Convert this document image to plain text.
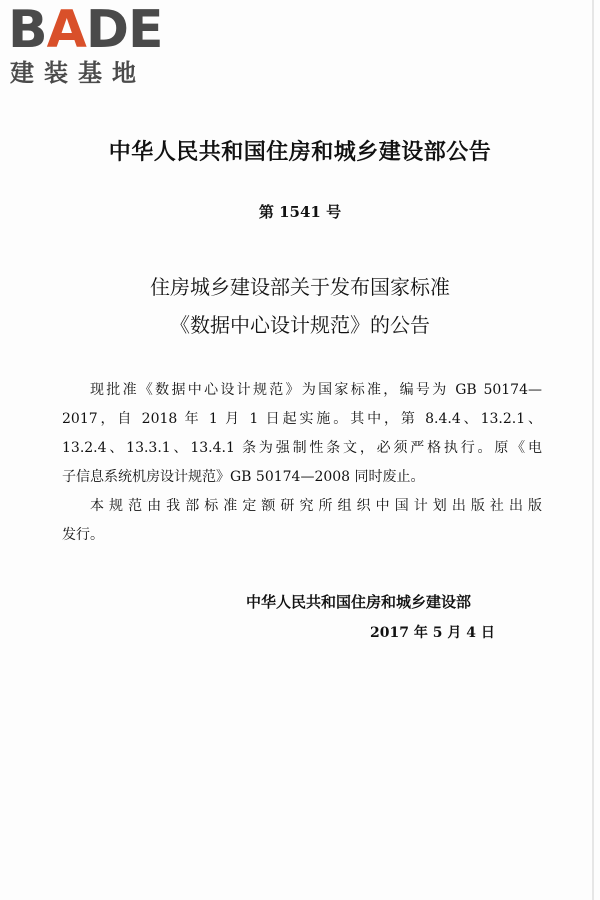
BADE
建装基地
中华人民共和国住房和城乡建设部公告
第 1541 号
住房城乡建设部关于发布国家标准
《数据中心设计规范》的公告
现批准《数据中心设计规范》为国家标准，编号为 GB 50174—
2017，自 2018 年 1 月 1 日起实施。其中，第 8.4.4、13.2.1、
13.2.4、13.3.1、13.4.1 条为强制性条文，必须严格执行。原《电
子信息系统机房设计规范》GB 50174—2008 同时废止。
本规范由我部标准定额研究所组织中国计划出版社出版
发行。
中华人民共和国住房和城乡建设部
2017 年 5 月 4 日
